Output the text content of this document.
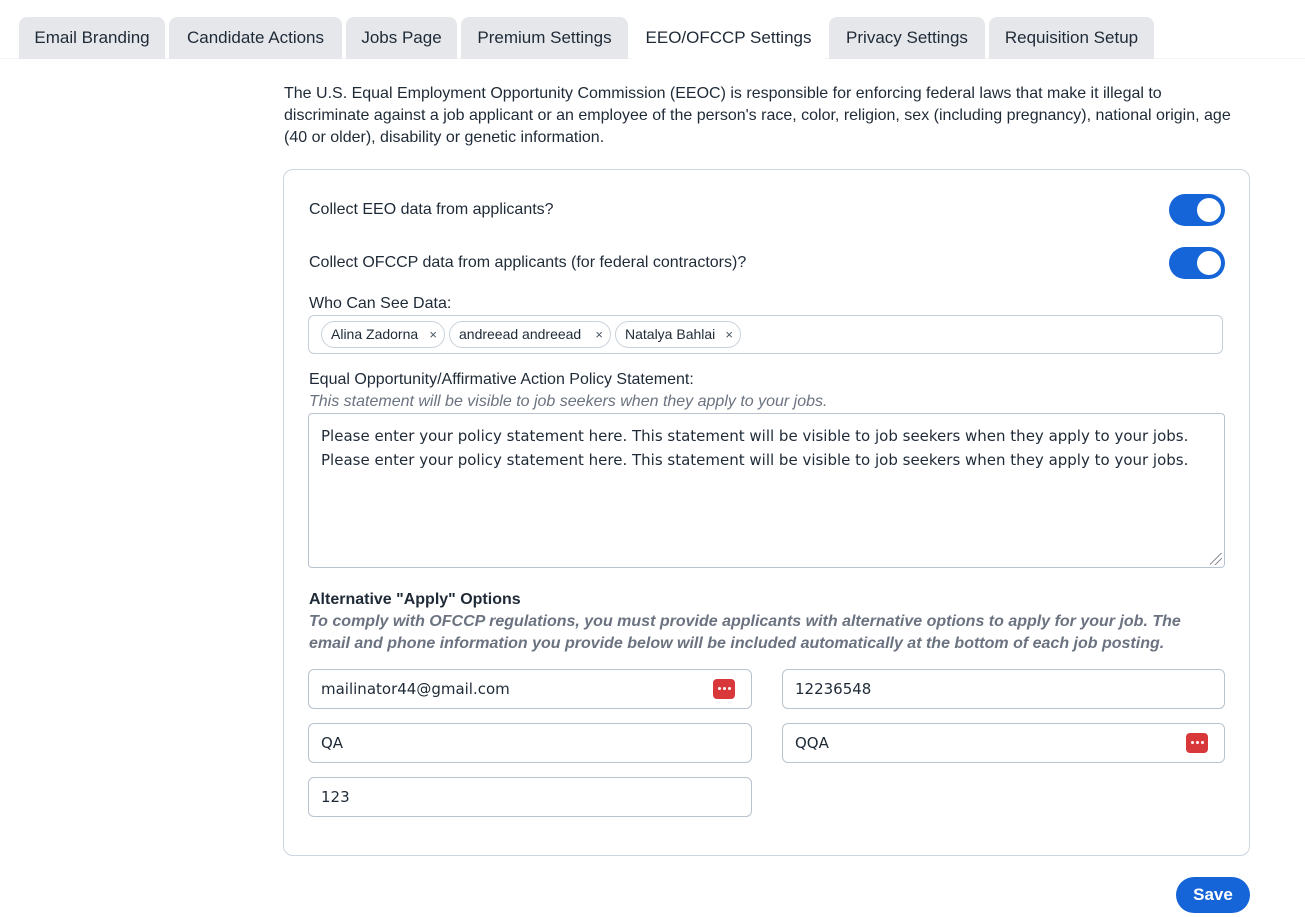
Email Branding	Candidate Actions	Jobs Page	Premium Settings	EEO/OFCCP Settings	Privacy Settings	Requisition Setup
The U.S. Equal Employment Opportunity Commission (EEOC) is responsible for enforcing federal laws that make it illegal to discriminate against a job applicant or an employee of the person's race, color, religion, sex (including pregnancy), national origin, age (40 or older), disability or genetic information.
Collect EEO data from applicants?
Collect OFCCP data from applicants (for federal contractors)?
Who Can See Data:
Alina Zadorna ×	andreead andreead ×	Natalya Bahlai ×
Equal Opportunity/Affirmative Action Policy Statement:
This statement will be visible to job seekers when they apply to your jobs.
Please enter your policy statement here. This statement will be visible to job seekers when they apply to your jobs.
Please enter your policy statement here. This statement will be visible to job seekers when they apply to your jobs.
Alternative "Apply" Options
To comply with OFCCP regulations, you must provide applicants with alternative options to apply for your job. The email and phone information you provide below will be included automatically at the bottom of each job posting.
mailinator44@gmail.com	12236548
QA	QQA
123
Save
